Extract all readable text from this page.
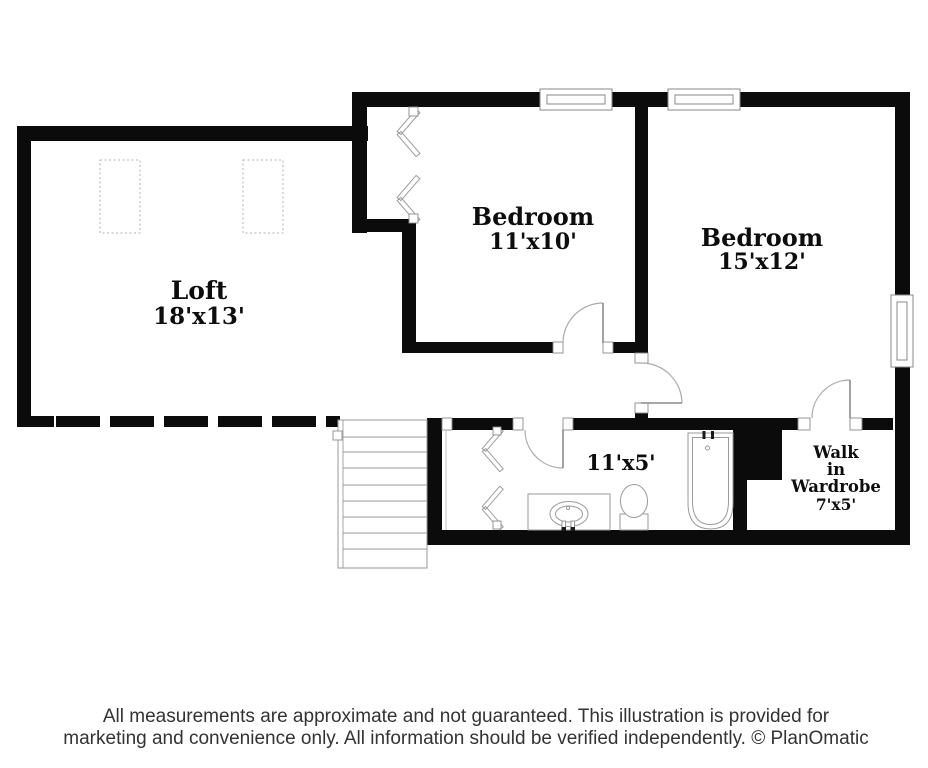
Loft
18'x13'
Bedroom
11'x10'	Bedroom
15'x12'
11'x5'	Walk
in
Wardrobe
7'x5'
All measurements are approximate and not guaranteed. This illustration is provided for
marketing and convenience only. All information should be verified independently. © PlanOmatic
